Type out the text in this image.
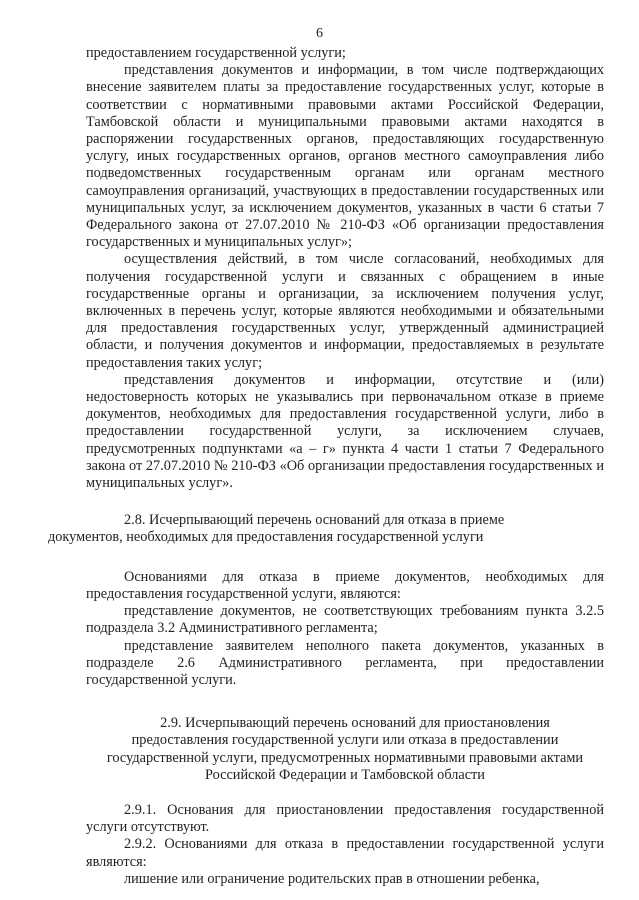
6

предоставлением государственной услуги;

представления документов и информации, в том числе подтверждающих внесение заявителем платы за предоставление государственных услуг, которые в соответствии с нормативными правовыми актами Российской Федерации, Тамбовской области и муниципальными правовыми актами находятся в распоряжении государственных органов, предоставляющих государственную услугу, иных государственных органов, органов местного самоуправления либо подведомственных государственным органам или органам местного самоуправления организаций, участвующих в предоставлении государственных или муниципальных услуг, за исключением документов, указанных в части 6 статьи 7 Федерального закона от 27.07.2010 № 210-ФЗ «Об организации предоставления государственных и муниципальных услуг»;

осуществления действий, в том числе согласований, необходимых для получения государственной услуги и связанных с обращением в иные государственные органы и организации, за исключением получения услуг, включенных в перечень услуг, которые являются необходимыми и обязательными для предоставления государственных услуг, утвержденный администрацией области, и получения документов и информации, предоставляемых в результате предоставления таких услуг;

представления документов и информации, отсутствие и (или) недостоверность которых не указывались при первоначальном отказе в приеме документов, необходимых для предоставления государственной услуги, либо в предоставлении государственной услуги, за исключением случаев, предусмотренных подпунктами «а – г» пункта 4 части 1 статьи 7 Федерального закона от 27.07.2010 № 210-ФЗ «Об организации предоставления государственных и муниципальных услуг».

2.8. Исчерпывающий перечень оснований для отказа в приеме
документов, необходимых для предоставления государственной услуги

Основаниями для отказа в приеме документов, необходимых для предоставления государственной услуги, являются:

представление документов, не соответствующих требованиям пункта 3.2.5 подраздела 3.2 Административного регламента;

представление заявителем неполного пакета документов, указанных в подразделе 2.6 Административного регламента, при предоставлении государственной услуги.

2.9. Исчерпывающий перечень оснований для приостановления
предоставления государственной услуги или отказа в предоставлении
государственной услуги, предусмотренных нормативными правовыми актами
Российской Федерации и Тамбовской области

2.9.1. Основания для приостановлении предоставления государственной услуги отсутствуют.

2.9.2. Основаниями для отказа в предоставлении государственной услуги являются:

лишение или ограничение родительских прав в отношении ребенка,
